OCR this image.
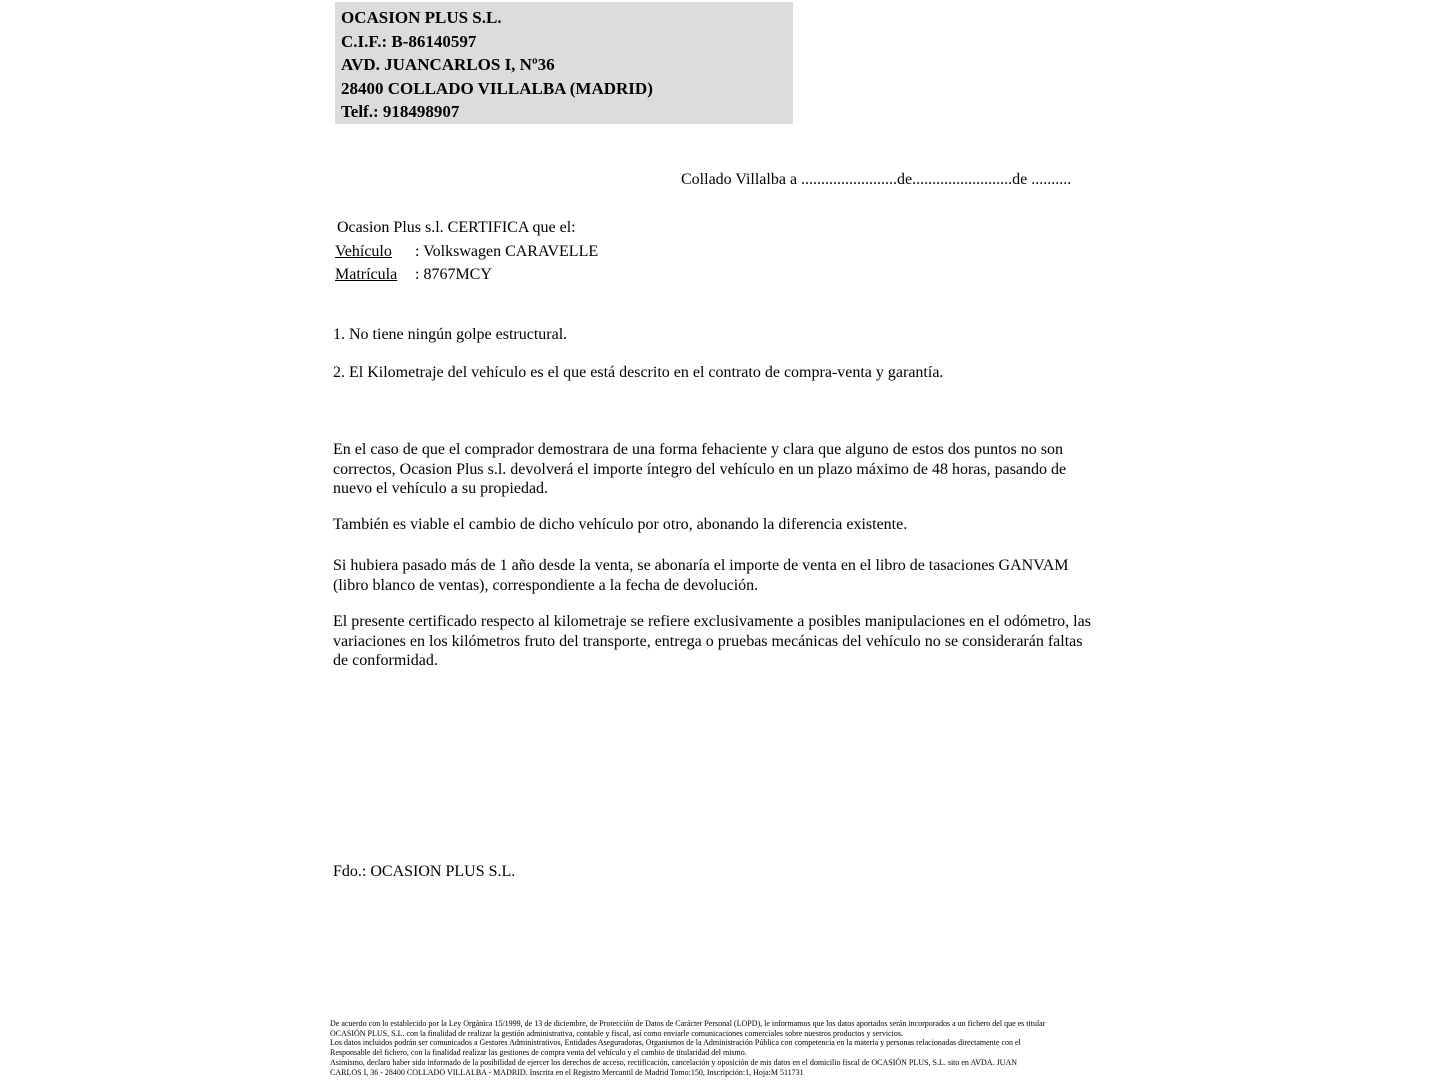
OCASION PLUS S.L.
C.I.F.: B-86140597
AVD. JUANCARLOS I, Nº36
28400 COLLADO VILLALBA (MADRID)
Telf.: 918498907
Collado Villalba a ........................de.........................de ..........
Ocasion Plus s.l. CERTIFICA que el:
Vehículo : Volkswagen CARAVELLE
Matrícula : 8767MCY
1. No tiene ningún golpe estructural.
2. El Kilometraje del vehículo es el que está descrito en el contrato de compra-venta y garantía.
En el caso de que el comprador demostrara de una forma fehaciente y clara que alguno de estos dos puntos no son correctos, Ocasion Plus s.l. devolverá el importe íntegro del vehículo en un plazo máximo de 48 horas, pasando de nuevo el vehículo a su propiedad.
También es viable el cambio de dicho vehículo por otro, abonando la diferencia existente.
Si hubiera pasado más de 1 año desde la venta, se abonaría el importe de venta en el libro de tasaciones GANVAM (libro blanco de ventas), correspondiente a la fecha de devolución.
El presente certificado respecto al kilometraje se refiere exclusivamente a posibles manipulaciones en el odómetro, las variaciones en los kilómetros fruto del transporte, entrega o pruebas mecánicas del vehículo no se considerarán faltas de conformidad.
Fdo.: OCASION PLUS S.L.
De acuerdo con lo establecido por la Ley Orgánica 15/1999, de 13 de diciembre, de Protección de Datos de Carácter Personal (LOPD), le informamos que los datos aportados serán incorporados a un fichero del que es titular
OCASIÓN PLUS, S.L. con la finalidad de realizar la gestión administrativa, contable y fiscal, así como enviarle comunicaciones comerciales sobre nuestros productos y servicios.
Los datos incluidos podrán ser comunicados a Gestores Administrativos, Entidades Aseguradoras, Organismos de la Administración Pública con competencia en la materia y personas relacionadas directamente con el
Responsable del fichero, con la finalidad realizar las gestiones de compra venta del vehículo y el cambio de titularidad del mismo.
Asimismo, declaro haber sido informado de la posibilidad de ejercer los derechos de acceso, rectificación, cancelación y oposición de mis datos en el domicilio fiscal de OCASIÓN PLUS, S.L. sito en AVDA. JUAN
CARLOS I, 36 - 28400 COLLADO VILLALBA - MADRID. Inscrita en el Registro Mercantil de Madrid Tomo:150, Inscripción:1, Hoja:M 511731
